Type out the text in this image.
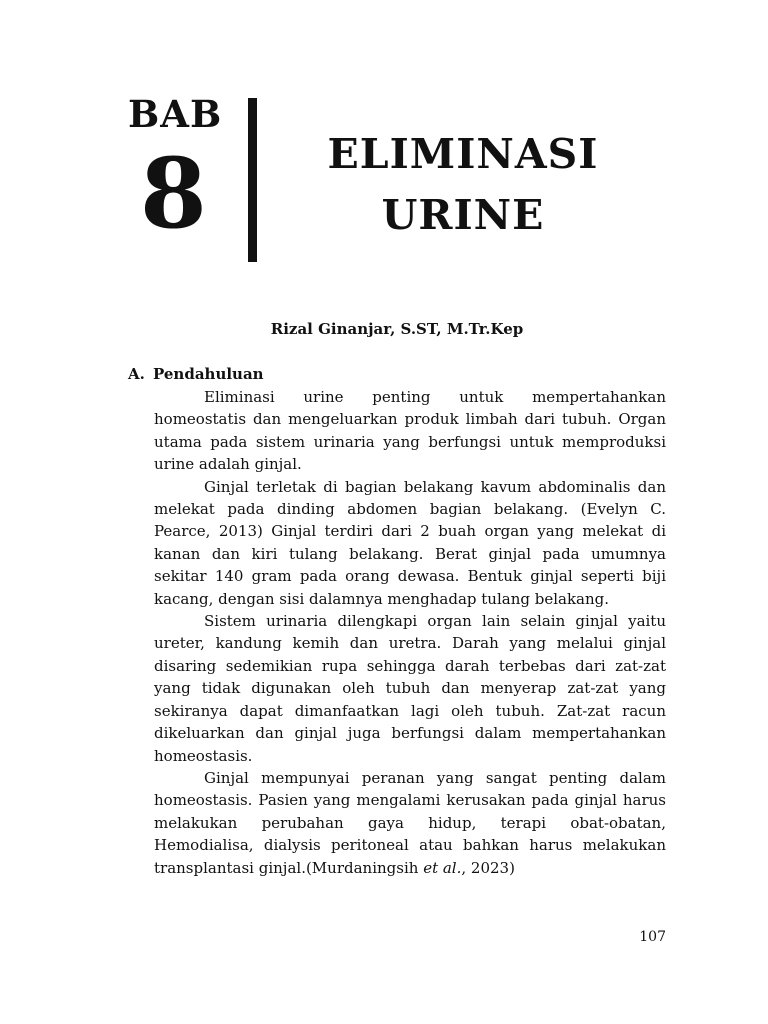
BAB
8	ELIMINASI
URINE
Rizal Ginanjar, S.ST, M.Tr.Kep
A. Pendahuluan

Eliminasi urine penting untuk mempertahankan homeostatis dan mengeluarkan produk limbah dari tubuh. Organ utama pada sistem urinaria yang berfungsi untuk memproduksi urine adalah ginjal.

Ginjal terletak di bagian belakang kavum abdominalis dan melekat pada dinding abdomen bagian belakang. (Evelyn C. Pearce, 2013) Ginjal terdiri dari 2 buah organ yang melekat di kanan dan kiri tulang belakang. Berat ginjal pada umumnya sekitar 140 gram pada orang dewasa. Bentuk ginjal seperti biji kacang, dengan sisi dalamnya menghadap tulang belakang.

Sistem urinaria dilengkapi organ lain selain ginjal yaitu ureter, kandung kemih dan uretra. Darah yang melalui ginjal disaring sedemikian rupa sehingga darah terbebas dari zat-zat yang tidak digunakan oleh tubuh dan menyerap zat-zat yang sekiranya dapat dimanfaatkan lagi oleh tubuh. Zat-zat racun dikeluarkan dan ginjal juga berfungsi dalam mempertahankan homeostasis.

Ginjal mempunyai peranan yang sangat penting dalam homeostasis. Pasien yang mengalami kerusakan pada ginjal harus melakukan perubahan gaya hidup, terapi obat-obatan, Hemodialisa, dialysis peritoneal atau bahkan harus melakukan transplantasi ginjal.(Murdaningsih et al., 2023)

107
